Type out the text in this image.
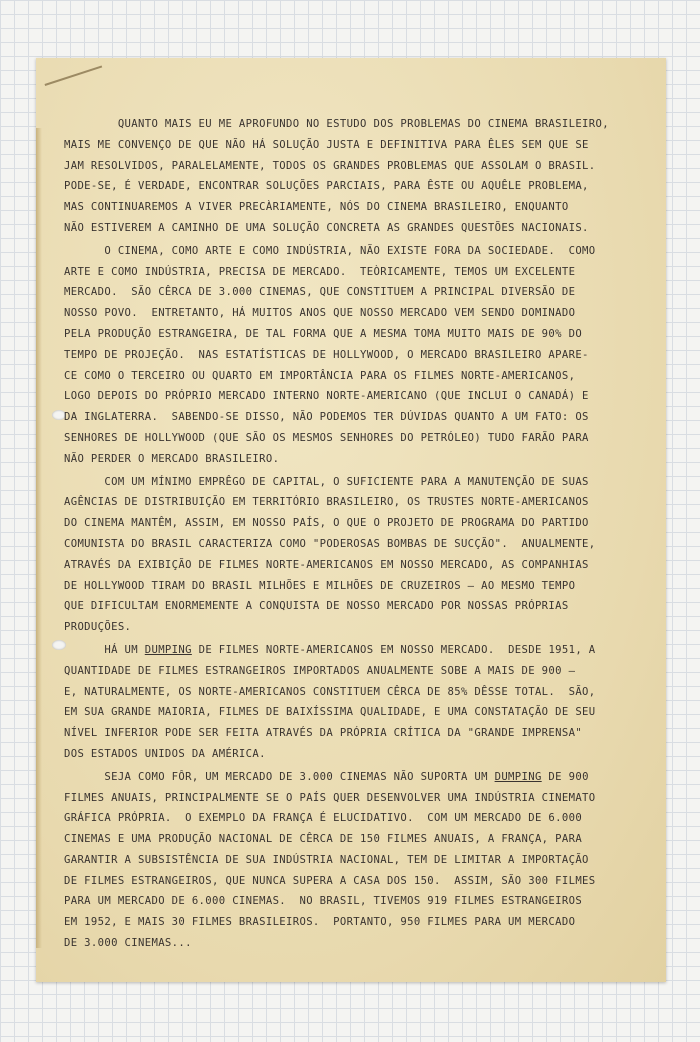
QUANTO MAIS EU ME APROFUNDO NO ESTUDO DOS PROBLEMAS DO CINEMA BRASILEIRO,
MAIS ME CONVENÇO DE QUE NÃO HÁ SOLUÇÃO JUSTA E DEFINITIVA PARA ÊLES SEM QUE SE
JAM RESOLVIDOS, PARALELAMENTE, TODOS OS GRANDES PROBLEMAS QUE ASSOLAM O BRASIL.
PODE-SE, É VERDADE, ENCONTRAR SOLUÇÕES PARCIAIS, PARA ÊSTE OU AQUÊLE PROBLEMA,
MAS CONTINUAREMOS A VIVER PRECÀRIAMENTE, NÓS DO CINEMA BRASILEIRO, ENQUANTO
NÃO ESTIVEREM A CAMINHO DE UMA SOLUÇÃO CONCRETA AS GRANDES QUESTÕES NACIONAIS.
O CINEMA, COMO ARTE E COMO INDÚSTRIA, NÃO EXISTE FORA DA SOCIEDADE.  COMO
ARTE E COMO INDÚSTRIA, PRECISA DE MERCADO.  TEÒRICAMENTE, TEMOS UM EXCELENTE
MERCADO.  SÃO CÊRCA DE 3.000 CINEMAS, QUE CONSTITUEM A PRINCIPAL DIVERSÃO DE
NOSSO POVO.  ENTRETANTO, HÁ MUITOS ANOS QUE NOSSO MERCADO VEM SENDO DOMINADO
PELA PRODUÇÃO ESTRANGEIRA, DE TAL FORMA QUE A MESMA TOMA MUITO MAIS DE 90% DO
TEMPO DE PROJEÇÃO.  NAS ESTATÍSTICAS DE HOLLYWOOD, O MERCADO BRASILEIRO APARE-
CE COMO O TERCEIRO OU QUARTO EM IMPORTÂNCIA PARA OS FILMES NORTE-AMERICANOS,
LOGO DEPOIS DO PRÓPRIO MERCADO INTERNO NORTE-AMERICANO (QUE INCLUI O CANADÁ) E
DA INGLATERRA.  SABENDO-SE DISSO, NÃO PODEMOS TER DÚVIDAS QUANTO A UM FATO: OS
SENHORES DE HOLLYWOOD (QUE SÃO OS MESMOS SENHORES DO PETRÓLEO) TUDO FARÃO PARA
NÃO PERDER O MERCADO BRASILEIRO.
COM UM MÍNIMO EMPRÊGO DE CAPITAL, O SUFICIENTE PARA A MANUTENÇÃO DE SUAS
AGÊNCIAS DE DISTRIBUIÇÃO EM TERRITÓRIO BRASILEIRO, OS TRUSTES NORTE-AMERICANOS
DO CINEMA MANTÊM, ASSIM, EM NOSSO PAÍS, O QUE O PROJETO DE PROGRAMA DO PARTIDO
COMUNISTA DO BRASIL CARACTERIZA COMO "PODEROSAS BOMBAS DE SUCÇÃO".  ANUALMENTE,
ATRAVÉS DA EXIBIÇÃO DE FILMES NORTE-AMERICANOS EM NOSSO MERCADO, AS COMPANHIAS
DE HOLLYWOOD TIRAM DO BRASIL MILHÕES E MILHÕES DE CRUZEIROS — AO MESMO TEMPO
QUE DIFICULTAM ENORMEMENTE A CONQUISTA DE NOSSO MERCADO POR NOSSAS PRÓPRIAS
PRODUÇÕES.
HÁ UM DUMPING DE FILMES NORTE-AMERICANOS EM NOSSO MERCADO.  DESDE 1951, A
QUANTIDADE DE FILMES ESTRANGEIROS IMPORTADOS ANUALMENTE SOBE A MAIS DE 900 —
E, NATURALMENTE, OS NORTE-AMERICANOS CONSTITUEM CÊRCA DE 85% DÊSSE TOTAL.  SÃO,
EM SUA GRANDE MAIORIA, FILMES DE BAIXÍSSIMA QUALIDADE, E UMA CONSTATAÇÃO DE SEU
NÍVEL INFERIOR PODE SER FEITA ATRAVÉS DA PRÓPRIA CRÍTICA DA "GRANDE IMPRENSA"
DOS ESTADOS UNIDOS DA AMÉRICA.
SEJA COMO FÔR, UM MERCADO DE 3.000 CINEMAS NÃO SUPORTA UM DUMPING DE 900
FILMES ANUAIS, PRINCIPALMENTE SE O PAÍS QUER DESENVOLVER UMA INDÚSTRIA CINEMATO
GRÁFICA PRÓPRIA.  O EXEMPLO DA FRANÇA É ELUCIDATIVO.  COM UM MERCADO DE 6.000
CINEMAS E UMA PRODUÇÃO NACIONAL DE CÊRCA DE 150 FILMES ANUAIS, A FRANÇA, PARA
GARANTIR A SUBSISTÊNCIA DE SUA INDÚSTRIA NACIONAL, TEM DE LIMITAR A IMPORTAÇÃO
DE FILMES ESTRANGEIROS, QUE NUNCA SUPERA A CASA DOS 150.  ASSIM, SÃO 300 FILMES
PARA UM MERCADO DE 6.000 CINEMAS.  NO BRASIL, TIVEMOS 919 FILMES ESTRANGEIROS
EM 1952, E MAIS 30 FILMES BRASILEIROS.  PORTANTO, 950 FILMES PARA UM MERCADO
DE 3.000 CINEMAS...
